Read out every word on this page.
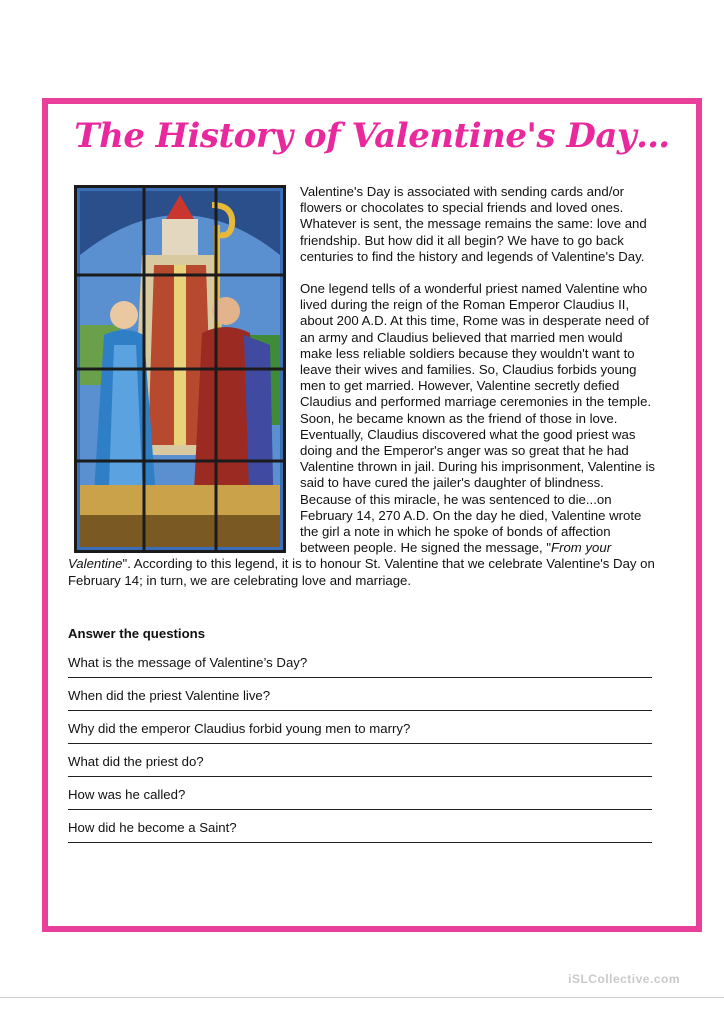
The History of Valentine's Day…

Valentine's Day is associated with sending cards and/or flowers or chocolates to special friends and loved ones. Whatever is sent, the message remains the same: love and friendship. But how did it all begin? We have to go back centuries to find the history and legends of Valentine's Day.

One legend tells of a wonderful priest named Valentine who lived during the reign of the Roman Emperor Claudius II, about 200 A.D. At this time, Rome was in desperate need of an army and Claudius believed that married men would make less reliable soldiers because they wouldn't want to leave their wives and families. So, Claudius forbids young men to get married. However, Valentine secretly defied Claudius and performed marriage ceremonies in the temple. Soon, he became known as the friend of those in love. Eventually, Claudius discovered what the good priest was doing and the Emperor's anger was so great that he had Valentine thrown in jail. During his imprisonment, Valentine is said to have cured the jailer's daughter of blindness. Because of this miracle, he was sentenced to die...on February 14, 270 A.D. On the day he died, Valentine wrote the girl a note in which he spoke of bonds of affection between people. He signed the message, "From your Valentine". According to this legend, it is to honour St. Valentine that we celebrate Valentine's Day on February 14; in turn, we are celebrating love and marriage.

Answer the questions
What is the message of Valentine’s Day?
When did the priest Valentine live?
Why did the emperor Claudius forbid young men to marry?
What did the priest do?
How was he called?
How did he become a Saint?
iSLCollective.com
